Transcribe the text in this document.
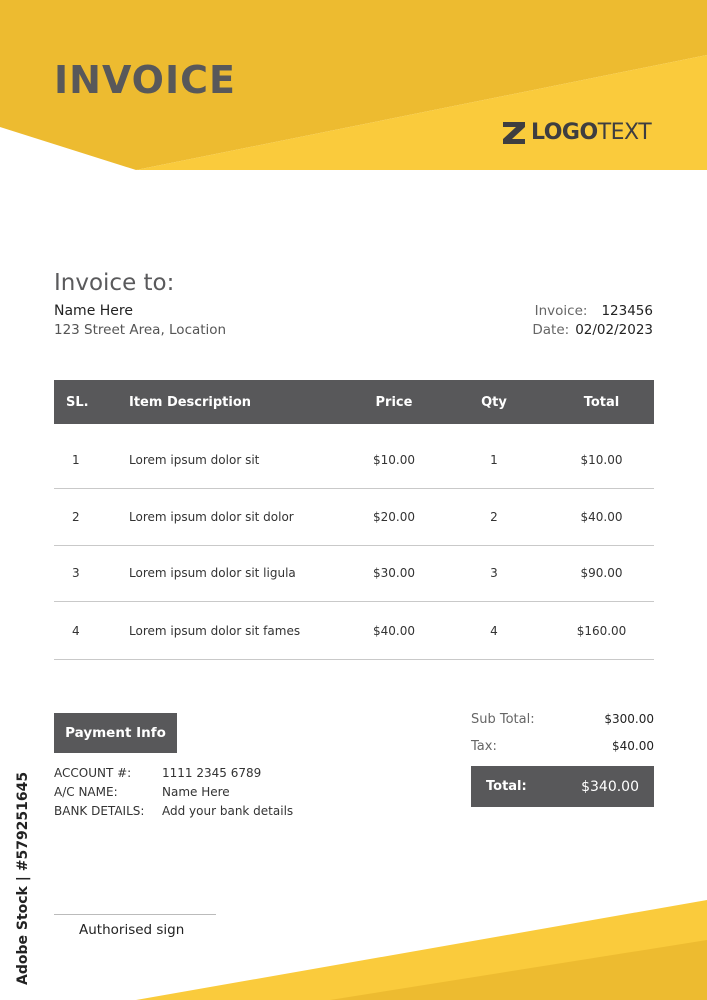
INVOICE
LOGOTEXT
Invoice to:
Name Here
123 Street Area, Location
Invoice: 123456
Date: 02/02/2023
SL.	Item Description	Price	Qty	Total
1	Lorem ipsum dolor sit	$10.00	1	$10.00
2	Lorem ipsum dolor sit dolor	$20.00	2	$40.00
3	Lorem ipsum dolor sit ligula	$30.00	3	$90.00
4	Lorem ipsum dolor sit fames	$40.00	4	$160.00
Payment Info
ACCOUNT #:	1111 2345 6789
A/C NAME:	Name Here
BANK DETAILS:	Add your bank details
Sub Total:	$300.00
Tax:	$40.00
Total:	$340.00
Authorised sign
Adobe Stock | #579251645
